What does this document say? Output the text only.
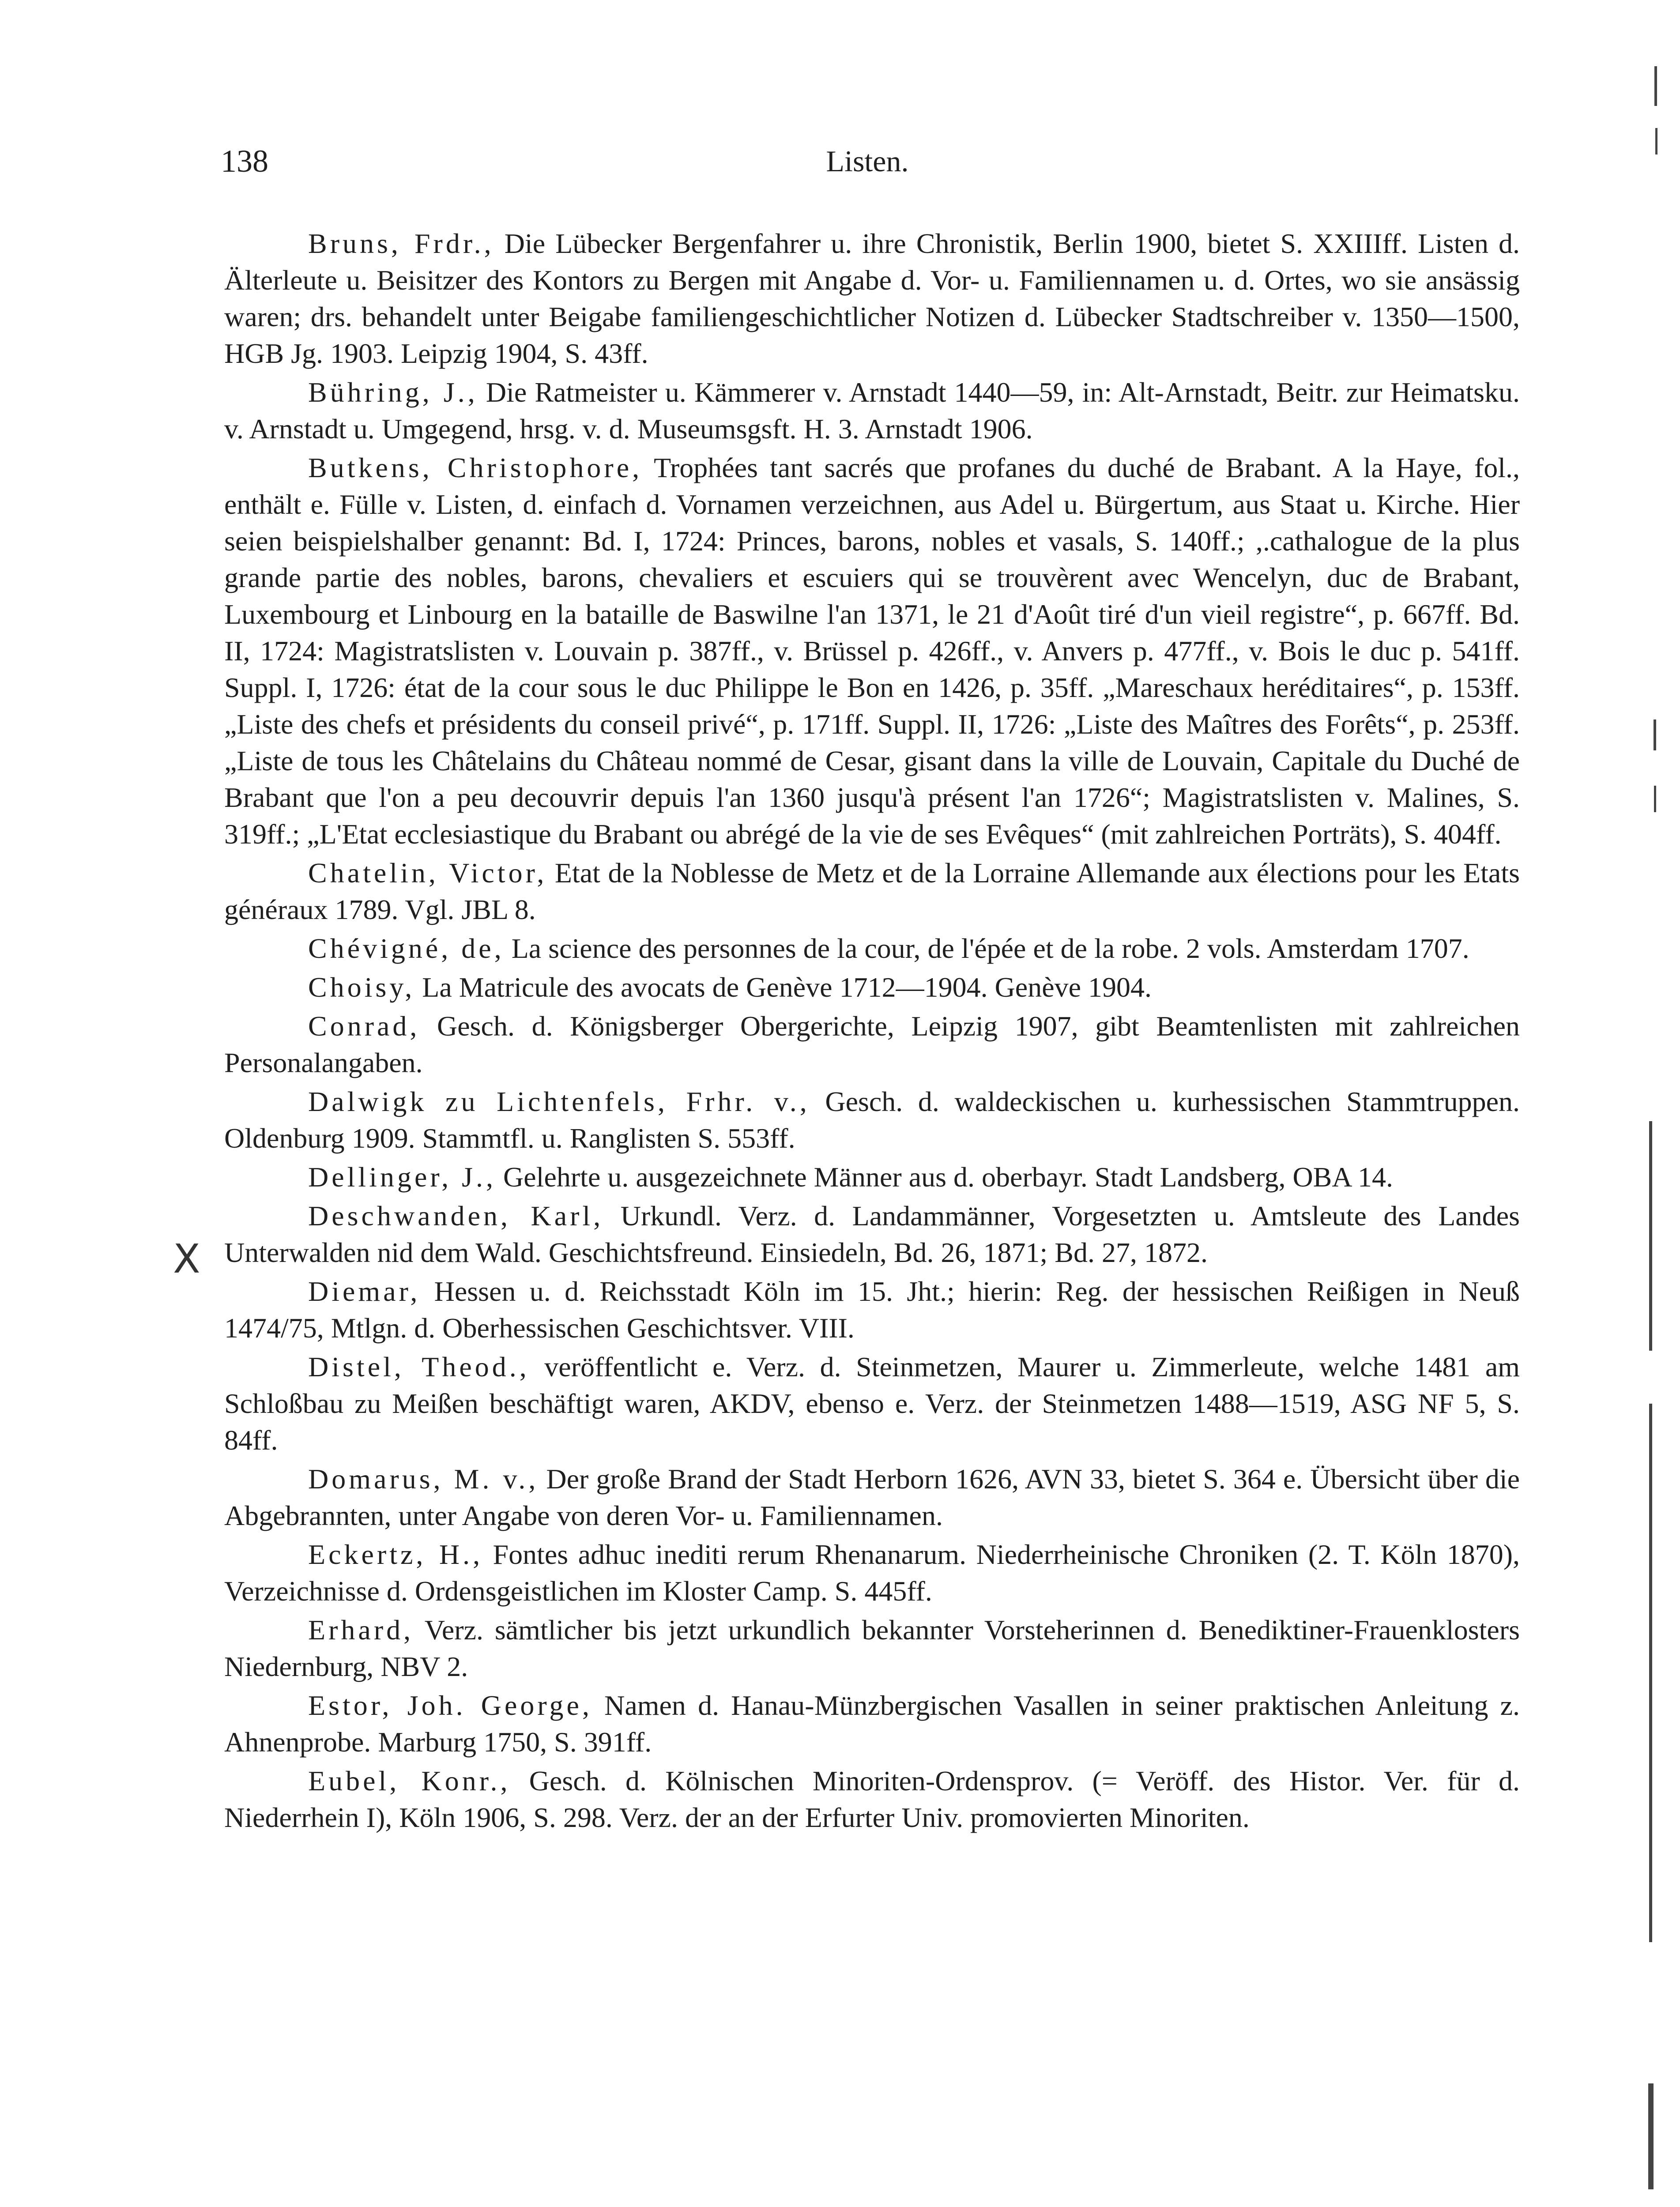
138	Listen.
X

Bruns, Frdr., Die Lübecker Bergenfahrer u. ihre Chronistik, Berlin 1900, bietet S. XXIIIff. Listen d. Älterleute u. Beisitzer des Kontors zu Bergen mit Angabe d. Vor- u. Familiennamen u. d. Ortes, wo sie ansässig waren; drs. behandelt unter Beigabe familiengeschichtlicher Notizen d. Lübecker Stadtschreiber v. 1350—1500, HGB Jg. 1903. Leipzig 1904, S. 43ff.

Bühring, J., Die Ratmeister u. Kämmerer v. Arnstadt 1440—59, in: Alt-Arnstadt, Beitr. zur Heimatsku. v. Arnstadt u. Umgegend, hrsg. v. d. Museumsgsft. H. 3. Arnstadt 1906.

Butkens, Christophore, Trophées tant sacrés que profanes du duché de Brabant. A la Haye, fol., enthält e. Fülle v. Listen, d. einfach d. Vornamen verzeichnen, aus Adel u. Bürgertum, aus Staat u. Kirche. Hier seien beispielshalber genannt: Bd. I, 1724: Princes, barons, nobles et vasals, S. 140ff.; ,.cathalogue de la plus grande partie des nobles, barons, chevaliers et escuiers qui se trouvèrent avec Wencelyn, duc de Brabant, Luxembourg et Linbourg en la bataille de Baswilne l'an 1371, le 21 d'Août tiré d'un vieil registre“, p. 667ff. Bd. II, 1724: Magistratslisten v. Louvain p. 387ff., v. Brüssel p. 426ff., v. Anvers p. 477ff., v. Bois le duc p. 541ff. Suppl. I, 1726: état de la cour sous le duc Philippe le Bon en 1426, p. 35ff. „Mareschaux heréditaires“, p. 153ff. „Liste des chefs et présidents du conseil privé“, p. 171ff. Suppl. II, 1726: „Liste des Maîtres des Forêts“, p. 253ff. „Liste de tous les Châtelains du Château nommé de Cesar, gisant dans la ville de Louvain, Capitale du Duché de Brabant que l'on a peu decouvrir depuis l'an 1360 jusqu'à présent l'an 1726“; Magistratslisten v. Malines, S. 319ff.; „L'Etat ecclesiastique du Brabant ou abrégé de la vie de ses Evêques“ (mit zahlreichen Porträts), S. 404ff.

Chatelin, Victor, Etat de la Noblesse de Metz et de la Lorraine Allemande aux élections pour les Etats généraux 1789. Vgl. JBL 8.

Chévigné, de, La science des personnes de la cour, de l'épée et de la robe. 2 vols. Amsterdam 1707.

Choisy, La Matricule des avocats de Genève 1712—1904. Genève 1904.

Conrad, Gesch. d. Königsberger Obergerichte, Leipzig 1907, gibt Beamtenlisten mit zahlreichen Personalangaben.

Dalwigk zu Lichtenfels, Frhr. v., Gesch. d. waldeckischen u. kurhessischen Stammtruppen. Oldenburg 1909. Stammtfl. u. Ranglisten S. 553ff.

Dellinger, J., Gelehrte u. ausgezeichnete Männer aus d. oberbayr. Stadt Landsberg, OBA 14.

Deschwanden, Karl, Urkundl. Verz. d. Landammänner, Vorgesetzten u. Amtsleute des Landes Unterwalden nid dem Wald. Geschichtsfreund. Einsiedeln, Bd. 26, 1871; Bd. 27, 1872.

Diemar, Hessen u. d. Reichsstadt Köln im 15. Jht.; hierin: Reg. der hessischen Reißigen in Neuß 1474/75, Mtlgn. d. Oberhessischen Geschichtsver. VIII.

Distel, Theod., veröffentlicht e. Verz. d. Steinmetzen, Maurer u. Zimmerleute, welche 1481 am Schloßbau zu Meißen beschäftigt waren, AKDV, ebenso e. Verz. der Steinmetzen 1488—1519, ASG NF 5, S. 84ff.

Domarus, M. v., Der große Brand der Stadt Herborn 1626, AVN 33, bietet S. 364 e. Übersicht über die Abgebrannten, unter Angabe von deren Vor- u. Familiennamen.

Eckertz, H., Fontes adhuc inediti rerum Rhenanarum. Niederrheinische Chroniken (2. T. Köln 1870), Verzeichnisse d. Ordensgeistlichen im Kloster Camp. S. 445ff.

Erhard, Verz. sämtlicher bis jetzt urkundlich bekannter Vorsteherinnen d. Benediktiner-Frauenklosters Niedernburg, NBV 2.

Estor, Joh. George, Namen d. Hanau-Münzbergischen Vasallen in seiner praktischen Anleitung z. Ahnenprobe. Marburg 1750, S. 391ff.

Eubel, Konr., Gesch. d. Kölnischen Minoriten-Ordensprov. (= Veröff. des Histor. Ver. für d. Niederrhein I), Köln 1906, S. 298. Verz. der an der Erfurter Univ. promovierten Minoriten.
